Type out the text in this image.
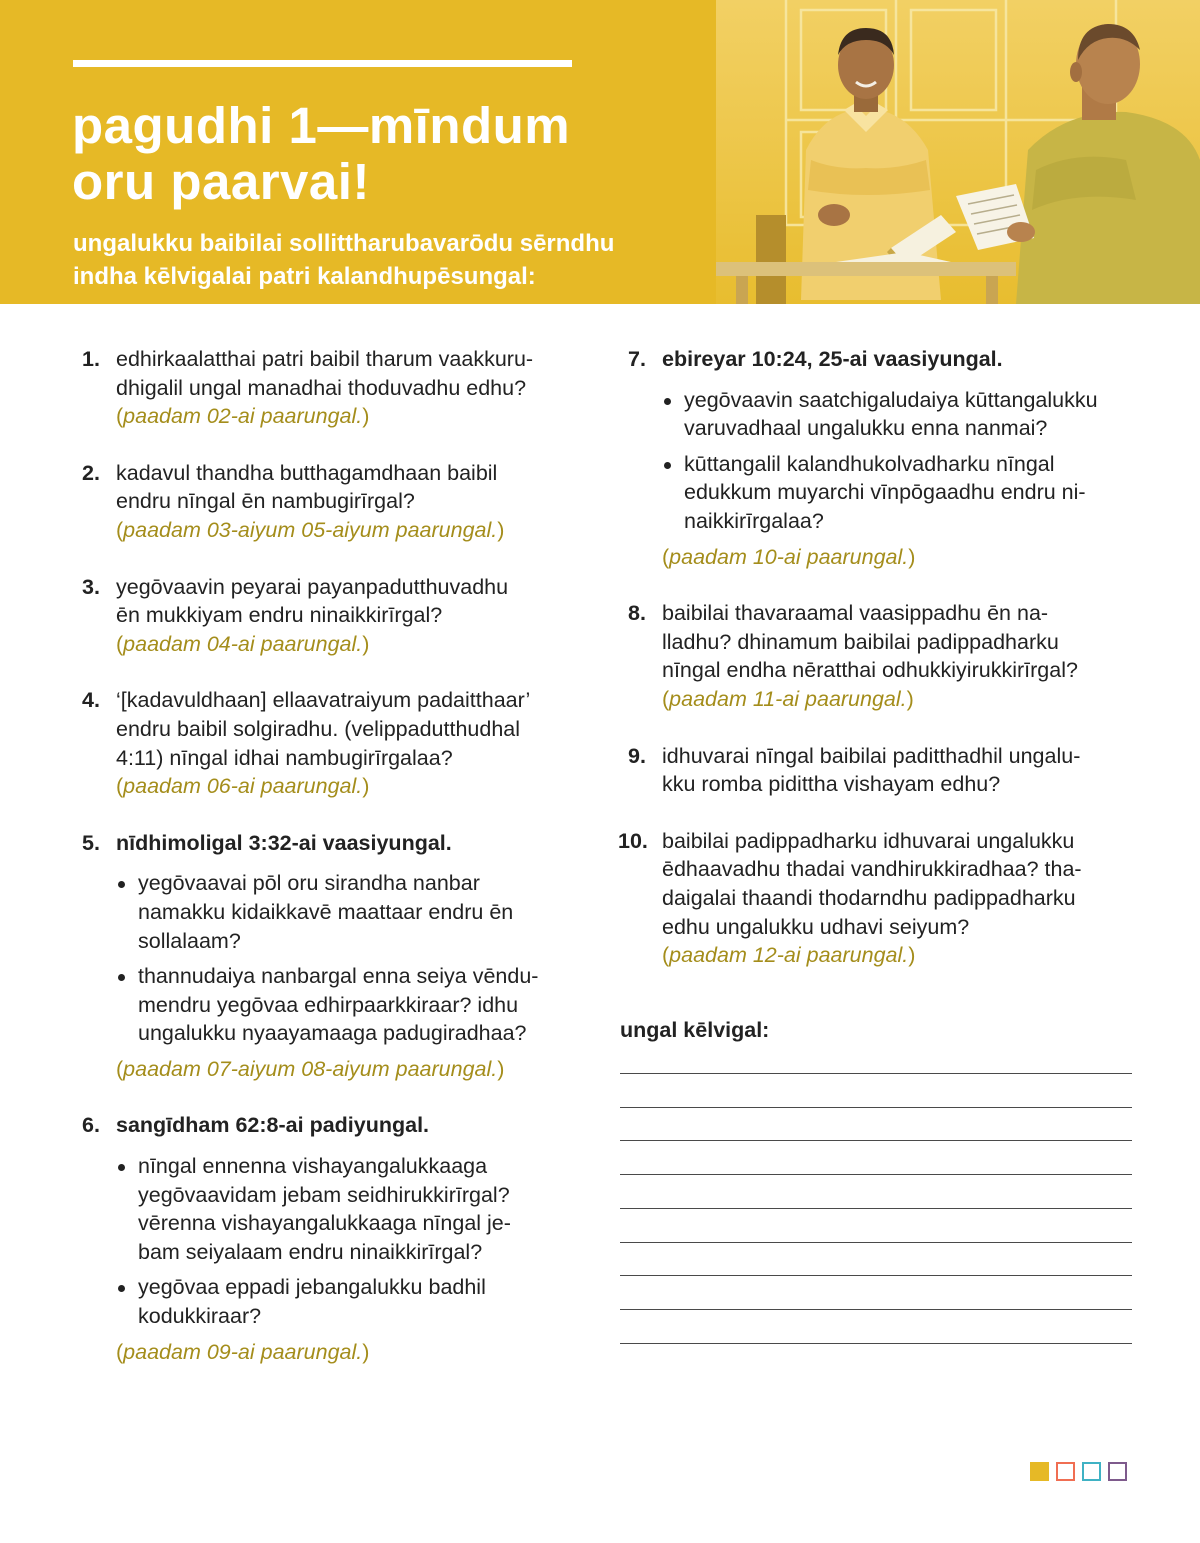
pagudhi 1—mīndum
oru paarvai!
ungalukku baibilai sollittharubavarōdu sērndhu
indha kēlvigalai patri kalandhupēsungal:
1. edhirkaalatthai patri baibil tharum vaakkuru-
dhigalil ungal manadhai thoduvadhu edhu?
(paadam 02-ai paarungal.)
2. kadavul thandha butthagamdhaan baibil
endru nīngal ēn nambugirīrgal?
(paadam 03-aiyum 05-aiyum paarungal.)
3. yegōvaavin peyarai payanpadutthuvadhu
ēn mukkiyam endru ninaikkirīrgal?
(paadam 04-ai paarungal.)
4. ‘[kadavuldhaan] ellaavatraiyum padaitthaar’
endru baibil solgiradhu. (velippadutthudhal
4:11) nīngal idhai nambugirīrgalaa?
(paadam 06-ai paarungal.)
5. nīdhimoligal 3:32-ai vaasiyungal.
yegōvaavai pōl oru sirandha nanbar
namakku kidaikkavē maattaar endru ēn
sollalaam?
thannudaiya nanbargal enna seiya vēndu-
mendru yegōvaa edhirpaarkkiraar? idhu
ungalukku nyaayamaaga padugiradhaa?
(paadam 07-aiyum 08-aiyum paarungal.)
6. sangīdham 62:8-ai padiyungal.
nīngal ennenna vishayangalukkaaga
yegōvaavidam jebam seidhirukkirīrgal?
vērenna vishayangalukkaaga nīngal je-
bam seiyalaam endru ninaikkirīrgal?
yegōvaa eppadi jebangalukku badhil
kodukkiraar?
(paadam 09-ai paarungal.)
7. ebireyar 10:24, 25-ai vaasiyungal.
yegōvaavin saatchigaludaiya kūttangalukku
varuvadhaal ungalukku enna nanmai?
kūttangalil kalandhukolvadharku nīngal
edukkum muyarchi vīnpōgaadhu endru ni-
naikkirīrgalaa?
(paadam 10-ai paarungal.)
8. baibilai thavaraamal vaasippadhu ēn na-
lladhu? dhinamum baibilai padippadharku
nīngal endha nēratthai odhukkiyirukkirīrgal?
(paadam 11-ai paarungal.)
9. idhuvarai nīngal baibilai paditthadhil ungalu-
kku romba pidittha vishayam edhu?
10. baibilai padippadharku idhuvarai ungalukku
ēdhaavadhu thadai vandhirukkiradhaa? tha-
daigalai thaandi thodarndhu padippadharku
edhu ungalukku udhavi seiyum?
(paadam 12-ai paarungal.)
ungal kēlvigal:
